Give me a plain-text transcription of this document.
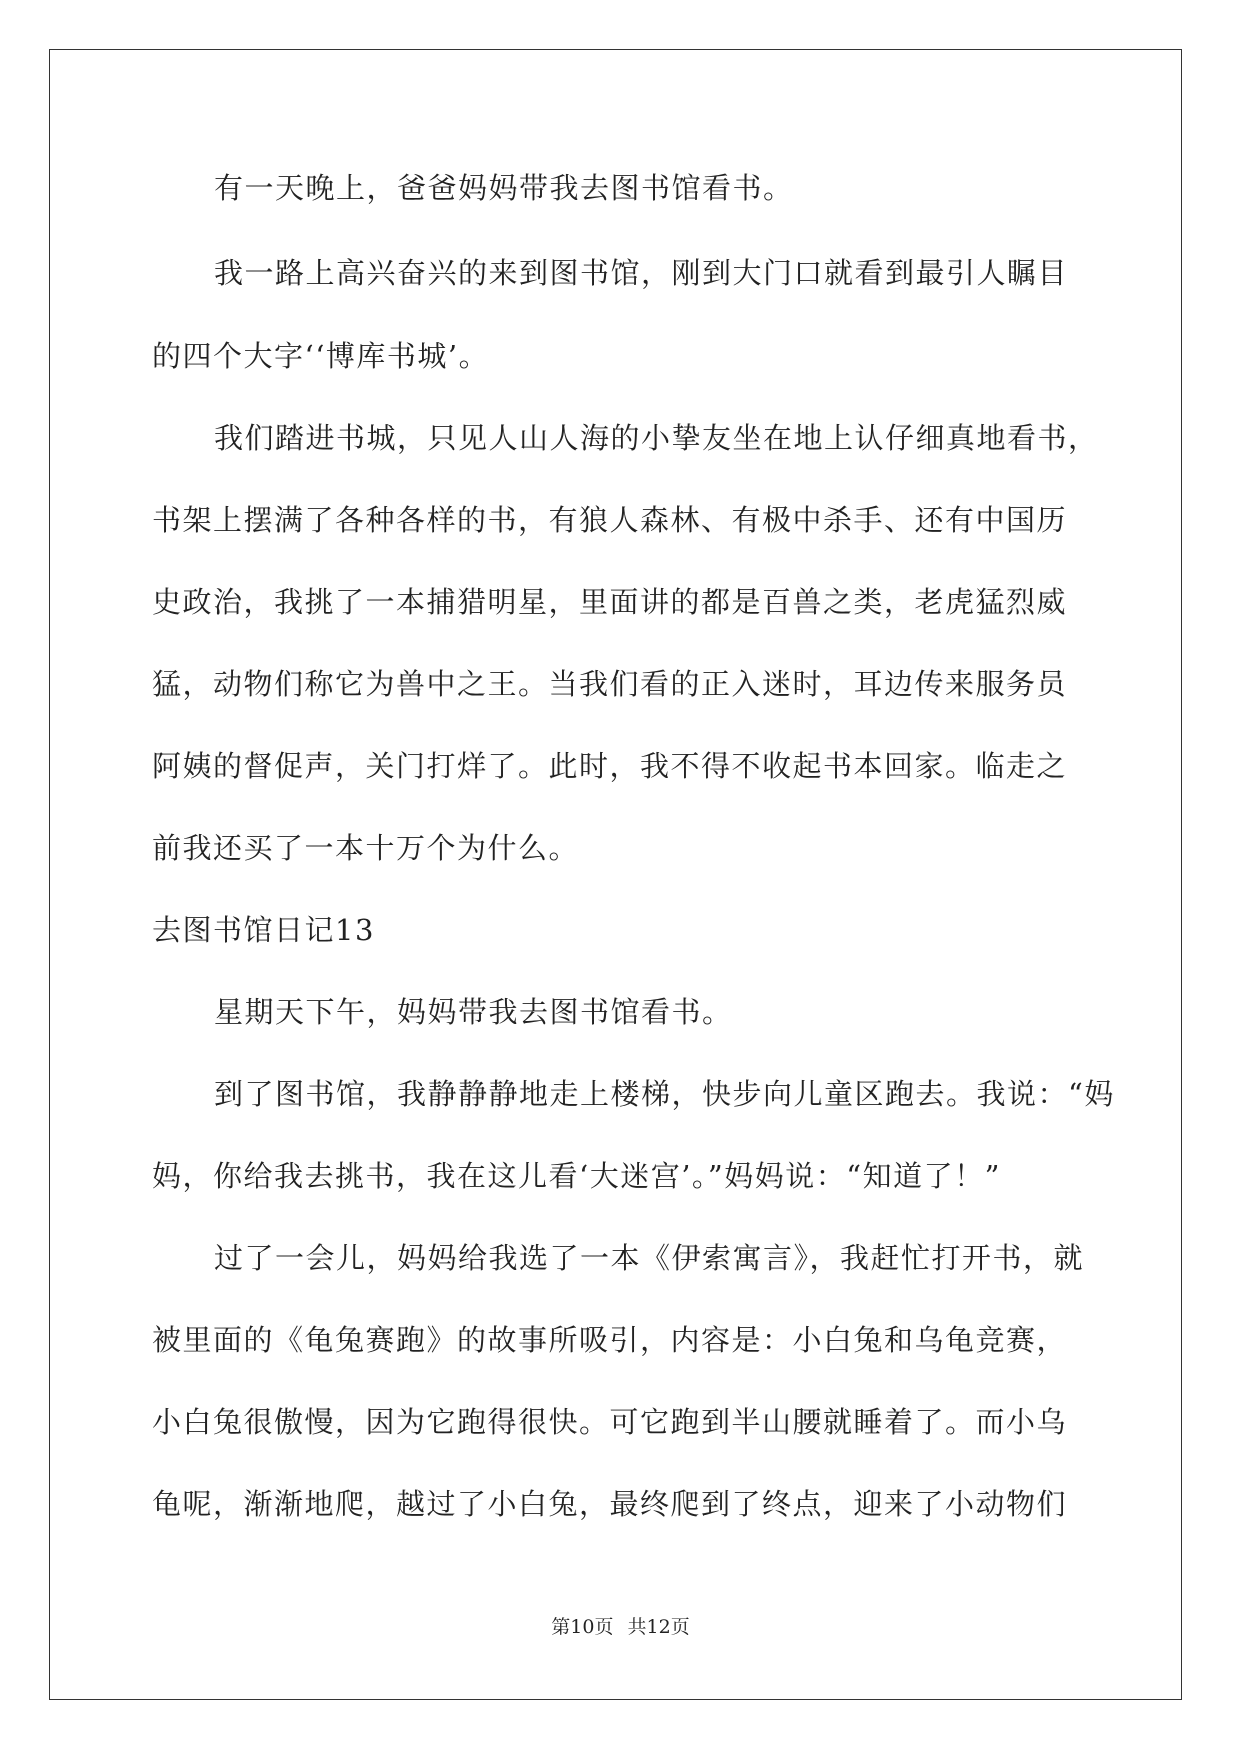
有一天晚上，爸爸妈妈带我去图书馆看书。
我一路上高兴奋兴的来到图书馆，刚到大门口就看到最引人瞩目
的四个大字‘‘博库书城’。
我们踏进书城，只见人山人海的小挚友坐在地上认仔细真地看书，
书架上摆满了各种各样的书，有狼人森林、有极中杀手、还有中国历
史政治，我挑了一本捕猎明星，里面讲的都是百兽之类，老虎猛烈威
猛，动物们称它为兽中之王。当我们看的正入迷时，耳边传来服务员
阿姨的督促声，关门打烊了。此时，我不得不收起书本回家。临走之
前我还买了一本十万个为什么。
去图书馆日记13
星期天下午，妈妈带我去图书馆看书。
到了图书馆，我静静静地走上楼梯，快步向儿童区跑去。我说：“妈
妈，你给我去挑书，我在这儿看‘大迷宫’。”妈妈说：“知道了！”
过了一会儿，妈妈给我选了一本《伊索寓言》，我赶忙打开书，就
被里面的《龟兔赛跑》的故事所吸引，内容是：小白兔和乌龟竞赛，
小白兔很傲慢，因为它跑得很快。可它跑到半山腰就睡着了。而小乌
龟呢，渐渐地爬，越过了小白兔，最终爬到了终点，迎来了小动物们
第10页 共12页
